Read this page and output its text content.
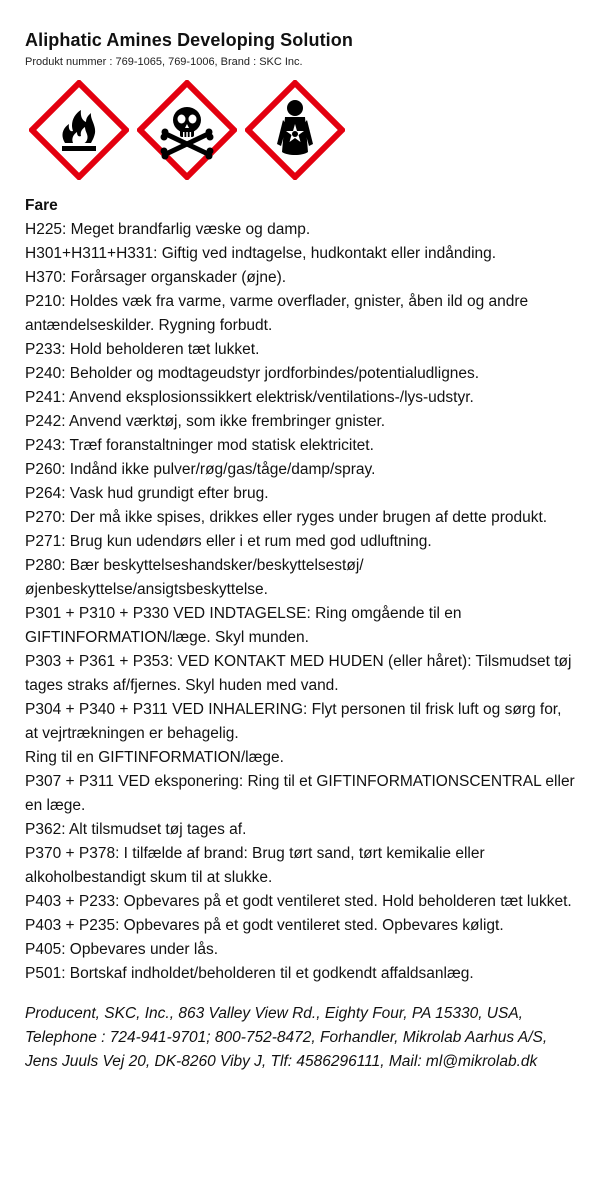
Aliphatic Amines Developing Solution
Produkt nummer : 769-1065, 769-1006, Brand : SKC Inc.
Fare
H225: Meget brandfarlig væske og damp.
H301+H311+H331: Giftig ved indtagelse, hudkontakt eller indånding.
H370: Forårsager organskader (øjne).
P210: Holdes væk fra varme, varme overflader, gnister, åben ild og andre antændelseskilder. Rygning forbudt.
P233: Hold beholderen tæt lukket.
P240: Beholder og modtageudstyr jordforbindes/potentialudlignes.
P241: Anvend eksplosionssikkert elektrisk/ventilations-/lys-udstyr.
P242: Anvend værktøj, som ikke frembringer gnister.
P243: Træf foranstaltninger mod statisk elektricitet.
P260: Indånd ikke pulver/røg/gas/tåge/damp/spray.
P264: Vask hud grundigt efter brug.
P270: Der må ikke spises, drikkes eller ryges under brugen af dette produkt.
P271: Brug kun udendørs eller i et rum med god udluftning.
P280: Bær beskyttelseshandsker/beskyttelsestøj/ øjenbeskyttelse/ansigtsbeskyttelse.
P301 + P310 + P330 VED INDTAGELSE: Ring omgående til en GIFTINFORMATION/læge. Skyl munden.
P303 + P361 + P353: VED KONTAKT MED HUDEN (eller håret): Tilsmudset tøj tages straks af/fjernes. Skyl huden med vand.
P304 + P340 + P311 VED INHALERING: Flyt personen til frisk luft og sørg for, at vejrtrækningen er behagelig.
Ring til en GIFTINFORMATION/læge.
P307 + P311 VED eksponering: Ring til et GIFTINFORMATIONSCENTRAL eller en læge.
P362: Alt tilsmudset tøj tages af.
P370 + P378: I tilfælde af brand: Brug tørt sand, tørt kemikalie eller alkoholbestandigt skum til at slukke.
P403 + P233: Opbevares på et godt ventileret sted. Hold beholderen tæt lukket.
P403 + P235: Opbevares på et godt ventileret sted. Opbevares køligt.
P405: Opbevares under lås.
P501: Bortskaf indholdet/beholderen til et godkendt affaldsanlæg.
Producent, SKC, Inc., 863 Valley View Rd., Eighty Four, PA 15330, USA, Telephone : 724-941-9701; 800-752-8472, Forhandler, Mikrolab Aarhus A/S, Jens Juuls Vej 20, DK-8260 Viby J, Tlf: 4586296111, Mail: ml@mikrolab.dk
